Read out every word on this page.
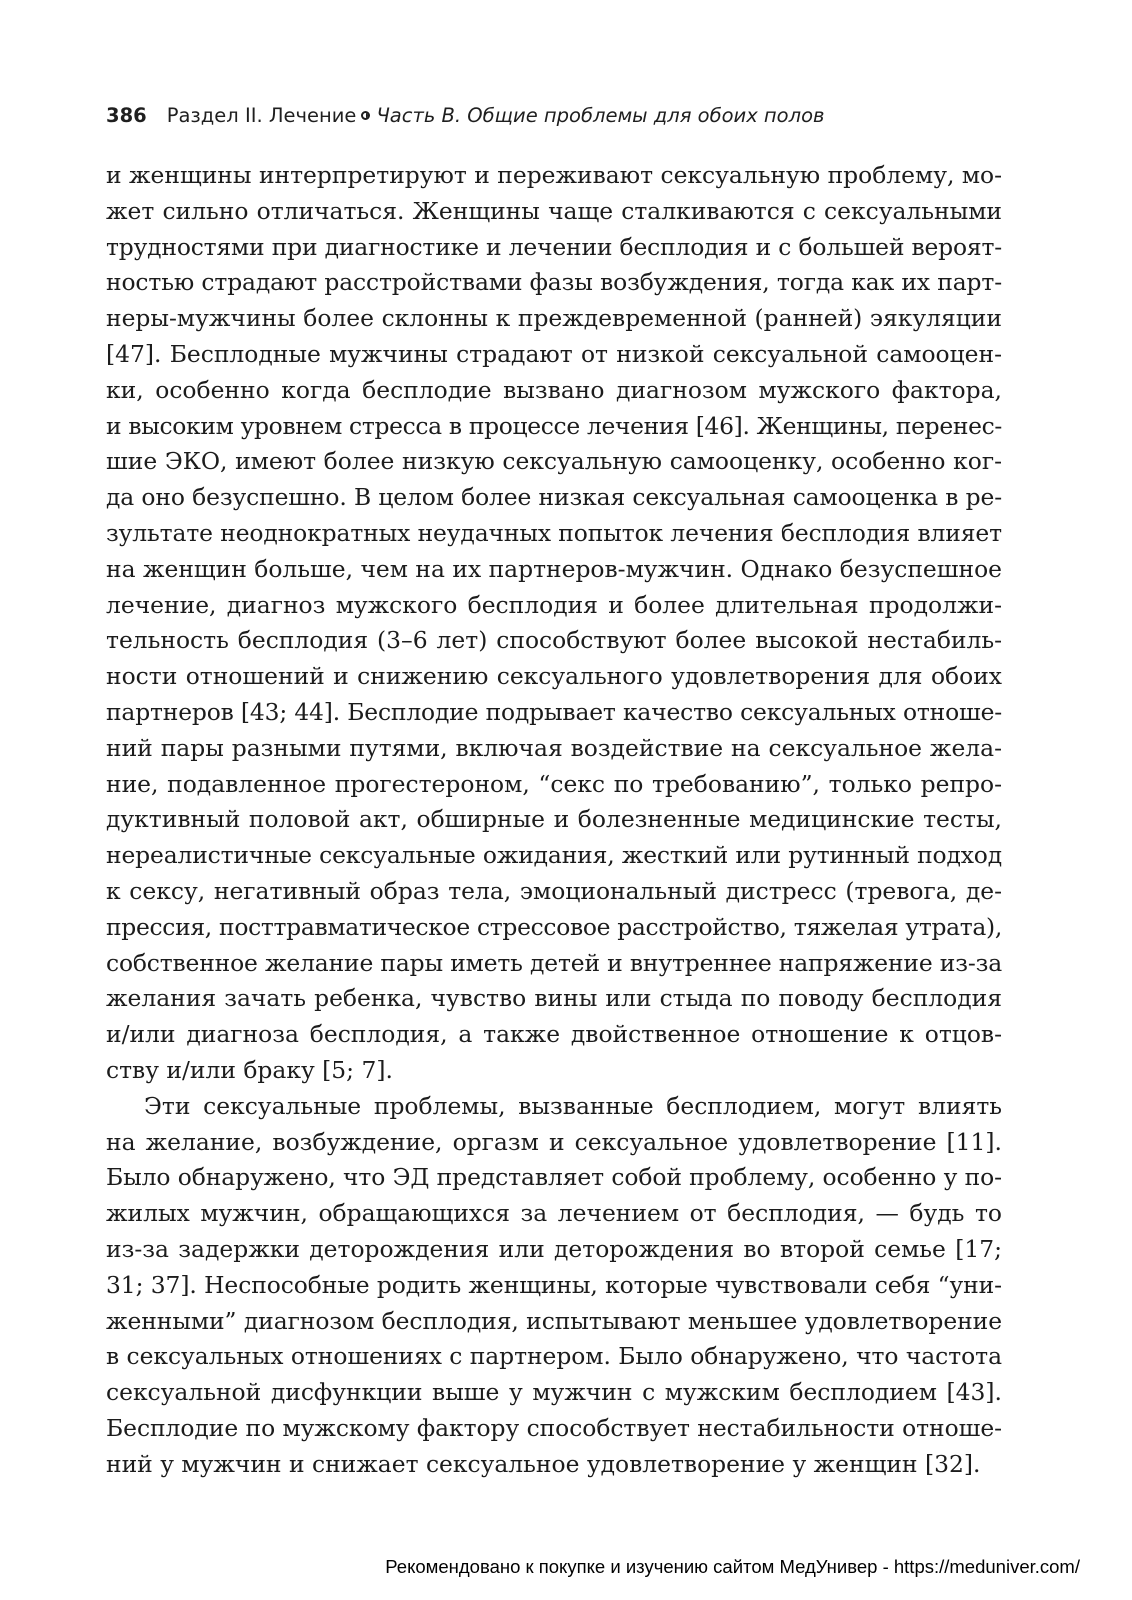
386 Раздел II. Лечение Часть В. Общие проблемы для обоих полов
и женщины интерпретируют и переживают сексуальную проблему, мо-
жет сильно отличаться. Женщины чаще сталкиваются с сексуальными
трудностями при диагностике и лечении бесплодия и с большей вероят-
ностью страдают расстройствами фазы возбуждения, тогда как их парт-
неры-мужчины более склонны к преждевременной (ранней) эякуляции
[47]. Бесплодные мужчины страдают от низкой сексуальной самооцен-
ки, особенно когда бесплодие вызвано диагнозом мужского фактора,
и высоким уровнем стресса в процессе лечения [46]. Женщины, перенес-
шие ЭКО, имеют более низкую сексуальную самооценку, особенно ког-
да оно безуспешно. В целом более низкая сексуальная самооценка в ре-
зультате неоднократных неудачных попыток лечения бесплодия влияет
на женщин больше, чем на их партнеров-мужчин. Однако безуспешное
лечение, диагноз мужского бесплодия и более длительная продолжи-
тельность бесплодия (3–6 лет) способствуют более высокой нестабиль-
ности отношений и снижению сексуального удовлетворения для обоих
партнеров [43; 44]. Бесплодие подрывает качество сексуальных отноше-
ний пары разными путями, включая воздействие на сексуальное жела-
ние, подавленное прогестероном, “секс по требованию”, только репро-
дуктивный половой акт, обширные и болезненные медицинские тесты,
нереалистичные сексуальные ожидания, жесткий или рутинный подход
к сексу, негативный образ тела, эмоциональный дистресс (тревога, де-
прессия, посттравматическое стрессовое расстройство, тяжелая утрата),
собственное желание пары иметь детей и внутреннее напряжение из-за
желания зачать ребенка, чувство вины или стыда по поводу бесплодия
и/или диагноза бесплодия, а также двойственное отношение к отцов-
ству и/или браку [5; 7].
Эти сексуальные проблемы, вызванные бесплодием, могут влиять
на желание, возбуждение, оргазм и сексуальное удовлетворение [11].
Было обнаружено, что ЭД представляет собой проблему, особенно у по-
жилых мужчин, обращающихся за лечением от бесплодия, — будь то
из-за задержки деторождения или деторождения во второй семье [17;
31; 37]. Неспособные родить женщины, которые чувствовали себя “уни-
женными” диагнозом бесплодия, испытывают меньшее удовлетворение
в сексуальных отношениях с партнером. Было обнаружено, что частота
сексуальной дисфункции выше у мужчин с мужским бесплодием [43].
Бесплодие по мужскому фактору способствует нестабильности отноше-
ний у мужчин и снижает сексуальное удовлетворение у женщин [32].
Рекомендовано к покупке и изучению сайтом МедУнивер - https://meduniver.com/
